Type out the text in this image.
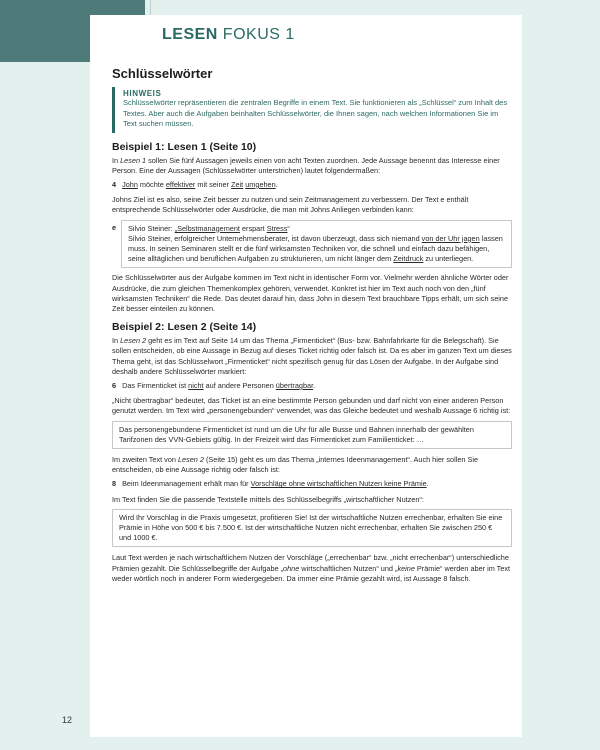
LESEN FOKUS 1
Schlüsselwörter
HINWEIS
Schlüsselwörter repräsentieren die zentralen Begriffe in einem Text. Sie funktionieren als „Schlüssel“ zum Inhalt des Textes. Aber auch die Aufgaben beinhalten Schlüsselwörter, die Ihnen sagen, nach welchen Informationen Sie im Text suchen müssen.
Beispiel 1: Lesen 1 (Seite 10)

In Lesen 1 sollen Sie fünf Aussagen jeweils einen von acht Texten zuordnen. Jede Aussage benennt das Interesse einer Person. Eine der Aussagen (Schlüsselwörter unterstrichen) lautet folgendermaßen:

4 John möchte effektiver mit seiner Zeit umgehen.

Johns Ziel ist es also, seine Zeit besser zu nutzen und sein Zeitmanagement zu verbessern. Der Text e enthält entsprechende Schlüsselwörter oder Ausdrücke, die man mit Johns Anliegen verbinden kann:

e	Silvio Steiner: „Selbstmanagement erspart Stress“
Silvio Steiner, erfolgreicher Unternehmensberater, ist davon überzeugt, dass sich niemand von der Uhr jagen lassen muss. In seinen Seminaren stellt er die fünf wirksamsten Techniken vor, die schnell und einfach dazu befähigen, seine alltäglichen und beruflichen Aufgaben zu strukturieren, um nicht länger dem Zeitdruck zu unterliegen.

Die Schlüsselwörter aus der Aufgabe kommen im Text nicht in identischer Form vor. Vielmehr werden ähnliche Wörter oder Ausdrücke, die zum gleichen Themenkomplex gehören, verwendet. Konkret ist hier im Text auch noch von den „fünf wirksamsten Techniken“ die Rede. Das deutet darauf hin, dass John in diesem Text brauchbare Tipps erhält, um sich seine Zeit besser einteilen zu können.

Beispiel 2: Lesen 2 (Seite 14)

In Lesen 2 geht es im Text auf Seite 14 um das Thema „Firmenticket“ (Bus- bzw. Bahnfahrkarte für die Belegschaft). Sie sollen entscheiden, ob eine Aussage in Bezug auf dieses Ticket richtig oder falsch ist. Da es aber im ganzen Text um dieses Thema geht, ist das Schlüsselwort „Firmenticket“ nicht spezifisch genug für das Lösen der Aufgabe. In der Aufgabe sind deshalb andere Schlüsselwörter markiert:

6 Das Firmenticket ist nicht auf andere Personen übertragbar.

„Nicht übertragbar“ bedeutet, das Ticket ist an eine bestimmte Person gebunden und darf nicht von einer anderen Person genutzt werden. Im Text wird „personengebunden“ verwendet, was das Gleiche bedeutet und weshalb Aussage 6 richtig ist:

Das personengebundene Firmenticket ist rund um die Uhr für alle Busse und Bahnen innerhalb der gewählten Tarifzonen des VVN-Gebiets gültig. In der Freizeit wird das Firmenticket zum Familienticket: …

Im zweiten Text von Lesen 2 (Seite 15) geht es um das Thema „internes Ideenmanagement“. Auch hier sollen Sie entscheiden, ob eine Aussage richtig oder falsch ist:

8 Beim Ideenmanagement erhält man für Vorschläge ohne wirtschaftlichen Nutzen keine Prämie.

Im Text finden Sie die passende Textstelle mittels des Schlüsselbegriffs „wirtschaftlicher Nutzen“:

Wird Ihr Vorschlag in die Praxis umgesetzt, profitieren Sie! Ist der wirtschaftliche Nutzen errechenbar, erhalten Sie eine Prämie in Höhe von 500 € bis 7.500 €. Ist der wirtschaftliche Nutzen nicht errechenbar, erhalten Sie zwischen 250 € und 1000 €.

Laut Text werden je nach wirtschaftlichem Nutzen der Vorschläge („errechenbar“ bzw. „nicht errechenbar“) unterschiedliche Prämien gezahlt. Die Schlüsselbegriffe der Aufgabe „ohne wirtschaftlichen Nutzen“ und „keine Prämie“ werden aber im Text weder wörtlich noch in anderer Form wiedergegeben. Da immer eine Prämie gezahlt wird, ist Aussage 8 falsch.

12
